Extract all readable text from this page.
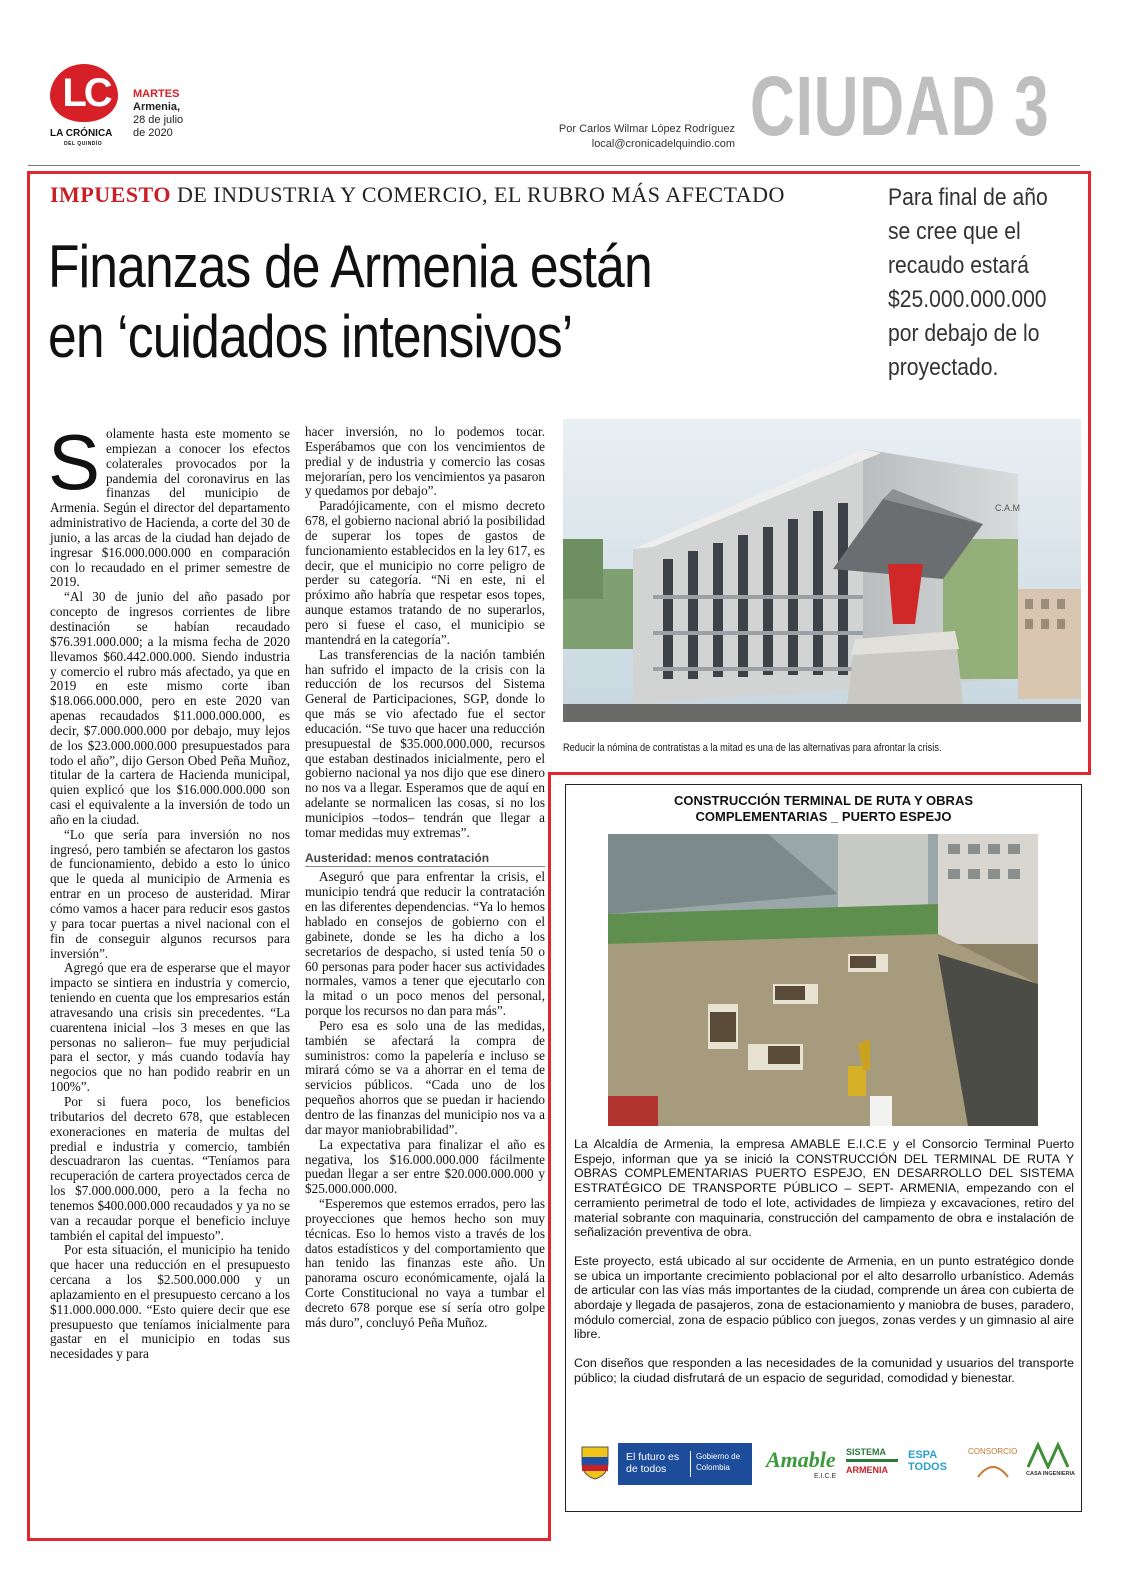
LC
LA CRÓNICA
DEL QUINDÍO
MARTES
Armenia,
28 de julio
de 2020	Por Carlos Wilmar López Rodríguez
local@cronicadelquindio.com CIUDAD 3
IMPUESTO DE INDUSTRIA Y COMERCIO, EL RUBRO MÁS AFECTADO
Finanzas de Armenia están
en ‘cuidados intensivos’
Para final de año se cree que el recaudo estará $25.000.000.000 por debajo de lo proyectado.

Solamente hasta este momento se empiezan a conocer los efectos colaterales provocados por la pandemia del coronavirus en las finanzas del municipio de Armenia. Según el director del departamento administrativo de Hacienda, a corte del 30 de junio, a las arcas de la ciudad han dejado de ingresar $16.000.000.000 en comparación con lo recaudado en el primer semestre de 2019.

“Al 30 de junio del año pasado por concepto de ingresos corrientes de libre destinación se habían recaudado $76.391.000.000; a la misma fecha de 2020 llevamos $60.442.000.000. Siendo industria y comercio el rubro más afectado, ya que en 2019 en este mismo corte iban $18.066.000.000, pero en este 2020 van apenas recaudados $11.000.000.000, es decir, $7.000.000.000 por debajo, muy lejos de los $23.000.000.000 presupuestados para todo el año”, dijo Gerson Obed Peña Muñoz, titular de la cartera de Hacienda municipal, quien explicó que los $16.000.000.000 son casi el equivalente a la inversión de todo un año en la ciudad.

“Lo que sería para inversión no nos ingresó, pero también se afectaron los gastos de funcionamiento, debido a esto lo único que le queda al municipio de Armenia es entrar en un proceso de austeridad. Mirar cómo vamos a hacer para reducir esos gastos y para tocar puertas a nivel nacional con el fin de conseguir algunos recursos para inversión”.

Agregó que era de esperarse que el mayor impacto se sintiera en industria y comercio, teniendo en cuenta que los empresarios están atravesando una crisis sin precedentes. “La cuarentena inicial –los 3 meses en que las personas no salieron– fue muy perjudicial para el sector, y más cuando todavía hay negocios que no han podido reabrir en un 100%”.

Por si fuera poco, los beneficios tributarios del decreto 678, que establecen exoneraciones en materia de multas del predial e industria y comercio, también descuadraron las cuentas. “Teníamos para recuperación de cartera proyectados cerca de los $7.000.000.000, pero a la fecha no tenemos $400.000.000 recaudados y ya no se van a recaudar porque el beneficio incluye también el capital del impuesto”.

Por esta situación, el municipio ha tenido que hacer una reducción en el presupuesto cercana a los $2.500.000.000 y un aplazamiento en el presupuesto cercano a los $11.000.000.000. “Esto quiere decir que ese presupuesto que teníamos inicialmente para gastar en el municipio en todas sus necesidades y para

hacer inversión, no lo podemos tocar. Esperábamos que con los vencimientos de predial y de industria y comercio las cosas mejorarían, pero los vencimientos ya pasaron y quedamos por debajo”.

Paradójicamente, con el mismo decreto 678, el gobierno nacional abrió la posibilidad de superar los topes de gastos de funcionamiento establecidos en la ley 617, es decir, que el municipio no corre peligro de perder su categoría. “Ni en este, ni el próximo año habría que respetar esos topes, aunque estamos tratando de no superarlos, pero si fuese el caso, el municipio se mantendrá en la categoría”.

Las transferencias de la nación también han sufrido el impacto de la crisis con la reducción de los recursos del Sistema General de Participaciones, SGP, donde lo que más se vio afectado fue el sector educación. “Se tuvo que hacer una reducción presupuestal de $35.000.000.000, recursos que estaban destinados inicialmente, pero el gobierno nacional ya nos dijo que ese dinero no nos va a llegar. Esperamos que de aquí en adelante se normalicen las cosas, si no los municipios –todos– tendrán que llegar a tomar medidas muy extremas”.

Austeridad: menos contratación

Aseguró que para enfrentar la crisis, el municipio tendrá que reducir la contratación en las diferentes dependencias. “Ya lo hemos hablado en consejos de gobierno con el gabinete, donde se les ha dicho a los secretarios de despacho, si usted tenía 50 o 60 personas para poder hacer sus actividades normales, vamos a tener que ejecutarlo con la mitad o un poco menos del personal, porque los recursos no dan para más”.

Pero esa es solo una de las medidas, también se afectará la compra de suministros: como la papelería e incluso se mirará cómo se va a ahorrar en el tema de servicios públicos. “Cada uno de los pequeños ahorros que se puedan ir haciendo dentro de las finanzas del municipio nos va a dar mayor maniobrabilidad”.

La expectativa para finalizar el año es negativa, los $16.000.000.000 fácilmente puedan llegar a ser entre $20.000.000.000 y $25.000.000.000.

“Esperemos que estemos errados, pero las proyecciones que hemos hecho son muy técnicas. Eso lo hemos visto a través de los datos estadísticos y del comportamiento que han tenido las finanzas este año. Un panorama oscuro económicamente, ojalá la Corte Constitucional no vaya a tumbar el decreto 678 porque ese sí sería otro golpe más duro”, concluyó Peña Muñoz.

C.A.M
Reducir la nómina de contratistas a la mitad es una de las alternativas para afrontar la crisis.
CONSTRUCCIÓN TERMINAL DE RUTA Y OBRAS
COMPLEMENTARIAS _ PUERTO ESPEJO

La Alcaldía de Armenia, la empresa AMABLE E.I.C.E y el Consorcio Terminal Puerto Espejo, informan que ya se inició la CONSTRUCCIÓN DEL TERMINAL DE RUTA Y OBRAS COMPLEMENTARIAS PUERTO ESPEJO, EN DESARROLLO DEL SISTEMA ESTRATÉGICO DE TRANSPORTE PÚBLICO – SEPT- ARMENIA, empezando con el cerramiento perimetral de todo el lote, actividades de limpieza y excavaciones, retiro del material sobrante con maquinaria, construcción del campamento de obra e instalación de señalización preventiva de obra.

Este proyecto, está ubicado al sur occidente de Armenia, en un punto estratégico donde se ubica un importante crecimiento poblacional por el alto desarrollo urbanístico. Además de articular con las vías más importantes de la ciudad, comprende un área con cubierta de abordaje y llegada de pasajeros, zona de estacionamiento y maniobra de buses, paradero, módulo comercial, zona de espacio público con juegos, zonas verdes y un gimnasio al aire libre.

Con diseños que responden a las necesidades de la comunidad y usuarios del transporte público; la ciudad disfrutará de un espacio de seguridad, comodidad y bienestar.

El futuro es de todos
Gobierno de Colombia	Amable
E.I.C.E
SISTEMA
ARMENIA
ESPA TODOS
CONSORCIO
CASA INGENIERIA
